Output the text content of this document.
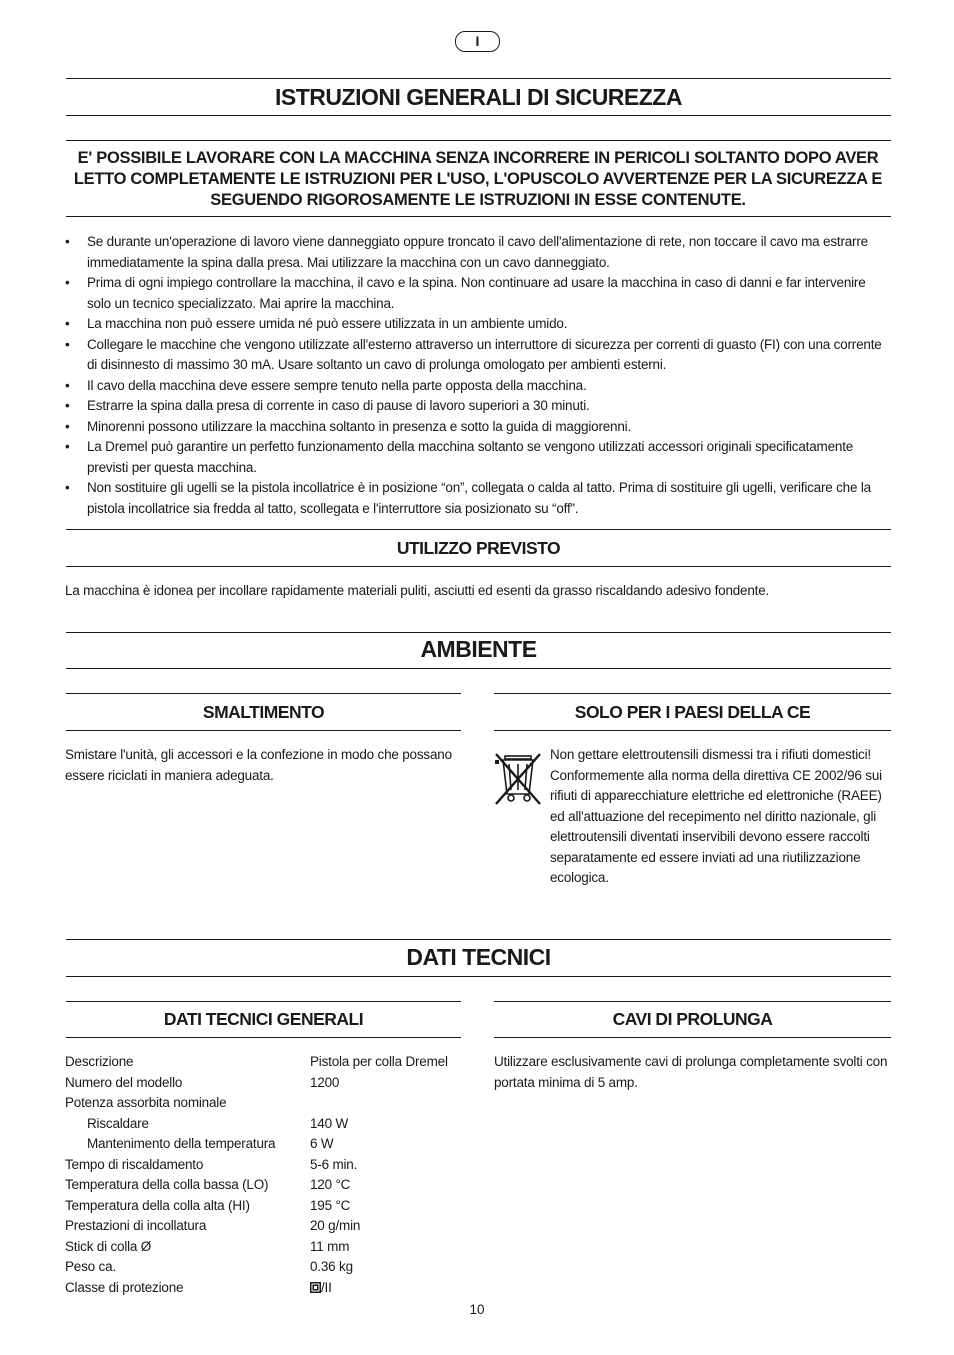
I
ISTRUZIONI GENERALI DI SICUREZZA
E' POSSIBILE LAVORARE CON LA MACCHINA SENZA INCORRERE IN PERICOLI SOLTANTO DOPO AVER LETTO COMPLETAMENTE LE ISTRUZIONI PER L'USO, L'OPUSCOLO AVVERTENZE PER LA SICUREZZA E SEGUENDO RIGOROSAMENTE LE ISTRUZIONI IN ESSE CONTENUTE.
• Se durante un'operazione di lavoro viene danneggiato oppure troncato il cavo dell'alimentazione di rete, non toccare il cavo ma estrarre immediatamente la spina dalla presa. Mai utilizzare la macchina con un cavo danneggiato.
• Prima di ogni impiego controllare la macchina, il cavo e la spina. Non continuare ad usare la macchina in caso di danni e far intervenire solo un tecnico specializzato. Mai aprire la macchina.
• La macchina non può essere umida né può essere utilizzata in un ambiente umido.
• Collegare le macchine che vengono utilizzate all'esterno attraverso un interruttore di sicurezza per correnti di guasto (FI) con una corrente di disinnesto di massimo 30 mA. Usare soltanto un cavo di prolunga omologato per ambienti esterni.
• Il cavo della macchina deve essere sempre tenuto nella parte opposta della macchina.
• Estrarre la spina dalla presa di corrente in caso di pause di lavoro superiori a 30 minuti.
• Minorenni possono utilizzare la macchina soltanto in presenza e sotto la guida di maggiorenni.
• La Dremel può garantire un perfetto funzionamento della macchina soltanto se vengono utilizzati accessori originali specificatamente previsti per questa macchina.
• Non sostituire gli ugelli se la pistola incollatrice è in posizione “on”, collegata o calda al tatto. Prima di sostituire gli ugelli, verificare che la pistola incollatrice sia fredda al tatto, scollegata e l'interruttore sia posizionato su “off”.
UTILIZZO PREVISTO
La macchina è idonea per incollare rapidamente materiali puliti, asciutti ed esenti da grasso riscaldando adesivo fondente.
AMBIENTE
SMALTIMENTO
Smistare l'unità, gli accessori e la confezione in modo che possano essere riciclati in maniera adeguata.
SOLO PER I PAESI DELLA CE
Non gettare elettroutensili dismessi tra i rifiuti domestici! Conformemente alla norma della direttiva CE 2002/96 sui rifiuti di apparecchiature elettriche ed elettroniche (RAEE) ed all'attuazione del recepimento nel diritto nazionale, gli elettroutensili diventati inservibili devono essere raccolti separatamente ed essere inviati ad una riutilizzazione ecologica.
DATI TECNICI
DATI TECNICI GENERALI
Descrizione	Pistola per colla Dremel
Numero del modello	1200
Potenza assorbita nominale	
Riscaldare	140 W
Mantenimento della temperatura	6 W
Tempo di riscaldamento	5-6 min.
Temperatura della colla bassa (LO)	120 °C
Temperatura della colla alta (HI)	195 °C
Prestazioni di incollatura	20 g/min
Stick di colla Ø	11 mm
Peso ca.	0.36 kg
Classe di protezione	/II
CAVI DI PROLUNGA
Utilizzare esclusivamente cavi di prolunga completamente svolti con portata minima di 5 amp.
10
